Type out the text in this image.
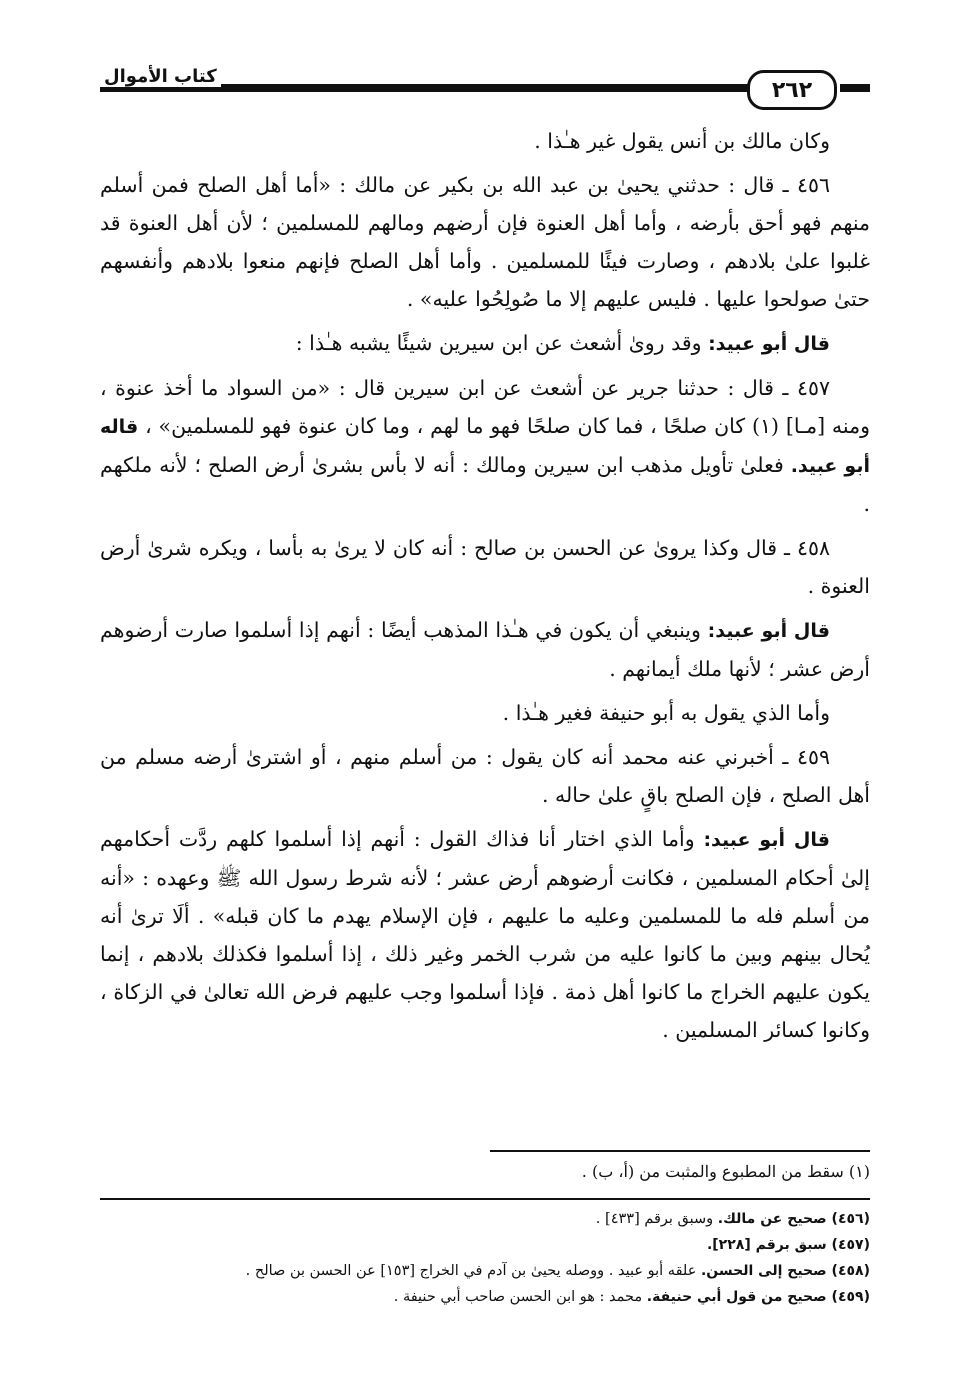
٢٦٢
كتاب الأموال

وكان مالك بن أنس يقول غير هـٰذا .

٤٥٦ ـ قال : حدثني يحيىٰ بن عبد الله بن بكير عن مالك : «أما أهل الصلح فمن أسلم منهم فهو أحق بأرضه ، وأما أهل العنوة فإن أرضهم ومالهم للمسلمين ؛ لأن أهل العنوة قد غلبوا علىٰ بلادهم ، وصارت فيئًا للمسلمين . وأما أهل الصلح فإنهم منعوا بلادهم وأنفسهم حتىٰ صولحوا عليها . فليس عليهم إلا ما صُولِحُوا عليه» .

قال أبو عبيد: وقد روىٰ أشعث عن ابن سيرين شيئًا يشبه هـٰذا :

٤٥٧ ـ قال : حدثنا جرير عن أشعث عن ابن سيرين قال : «من السواد ما أخذ عنوة ، ومنه [مـا] (١) كان صلحًا ، فما كان صلحًا فهو ما لهم ، وما كان عنوة فهو للمسلمين» ، قاله أبو عبيد. فعلىٰ تأويل مذهب ابن سيرين ومالك : أنه لا بأس بشرىٰ أرض الصلح ؛ لأنه ملكهم .

٤٥٨ ـ قال وكذا يروىٰ عن الحسن بن صالح : أنه كان لا يرىٰ به بأسا ، ويكره شرىٰ أرض العنوة .

قال أبو عبيد: وينبغي أن يكون في هـٰذا المذهب أيضًا : أنهم إذا أسلموا صارت أرضوهم أرض عشر ؛ لأنها ملك أيمانهم .

وأما الذي يقول به أبو حنيفة فغير هـٰذا .

٤٥٩ ـ أخبرني عنه محمد أنه كان يقول : من أسلم منهم ، أو اشترىٰ أرضه مسلم من أهل الصلح ، فإن الصلح باقٍ علىٰ حاله .

قال أبو عبيد: وأما الذي اختار أنا فذاك القول : أنهم إذا أسلموا كلهم ردَّت أحكامهم إلىٰ أحكام المسلمين ، فكانت أرضوهم أرض عشر ؛ لأنه شرط رسول الله ﷺ وعهده : «أنه من أسلم فله ما للمسلمين وعليه ما عليهم ، فإن الإسلام يهدم ما كان قبله» . ألَا ترىٰ أنه يُحال بينهم وبين ما كانوا عليه من شرب الخمر وغير ذلك ، إذا أسلموا فكذلك بلادهم ، إنما يكون عليهم الخراج ما كانوا أهل ذمة . فإذا أسلموا وجب عليهم فرض الله تعالىٰ في الزكاة ، وكانوا كسائر المسلمين .

(١) سقط من المطبوع والمثبت من (أ، ب) .
(٤٥٦) صحيح عن مالك. وسبق برقم [٤٣٣] .
(٤٥٧) سبق برقم [٢٢٨].
(٤٥٨) صحيح إلى الحسن. علقه أبو عبيد . ووصله يحيىٰ بن آدم في الخراج [١٥٣] عن الحسن بن صالح .
(٤٥٩) صحيح من قول أبي حنيفة. محمد : هو ابن الحسن صاحب أبي حنيفة .
